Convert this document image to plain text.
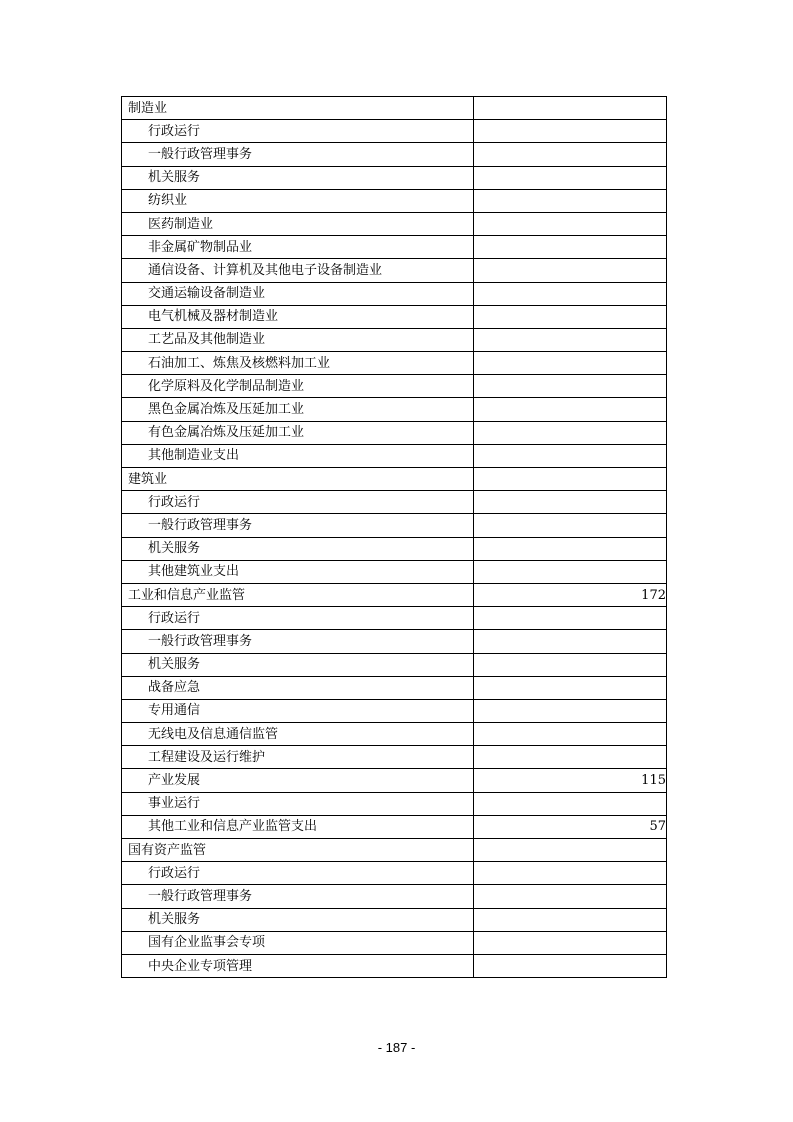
制造业	
行政运行	
一般行政管理事务	
机关服务	
纺织业	
医药制造业	
非金属矿物制品业	
通信设备、计算机及其他电子设备制造业	
交通运输设备制造业	
电气机械及器材制造业	
工艺品及其他制造业	
石油加工、炼焦及核燃料加工业	
化学原料及化学制品制造业	
黑色金属冶炼及压延加工业	
有色金属冶炼及压延加工业	
其他制造业支出	
建筑业	
行政运行	
一般行政管理事务	
机关服务	
其他建筑业支出	
工业和信息产业监管	172
行政运行	
一般行政管理事务	
机关服务	
战备应急	
专用通信	
无线电及信息通信监管	
工程建设及运行维护	
产业发展	115
事业运行	
其他工业和信息产业监管支出	57
国有资产监管	
行政运行	
一般行政管理事务	
机关服务	
国有企业监事会专项	
中央企业专项管理	
- 187 -
